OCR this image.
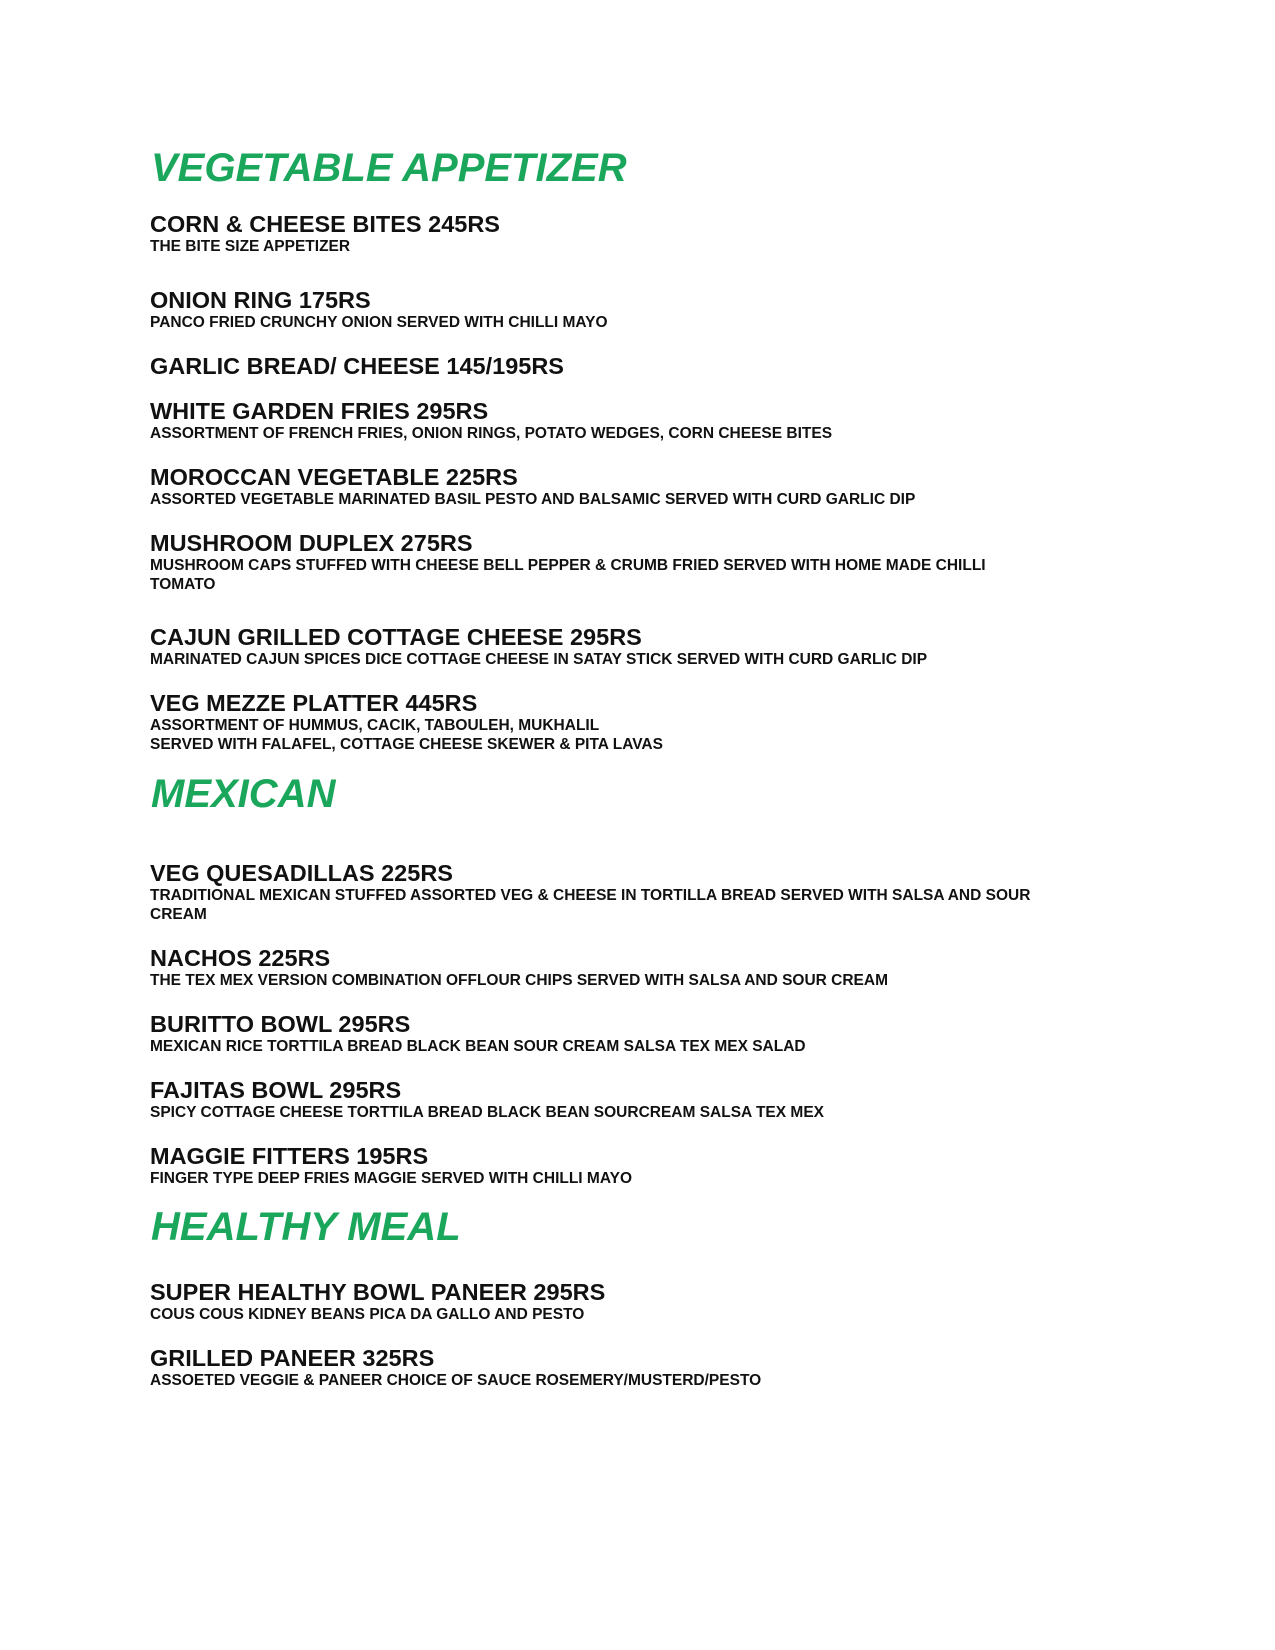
VEGETABLE APPETIZER
CORN & CHEESE BITES 245RS
THE BITE SIZE APPETIZER
ONION RING 175RS
PANCO FRIED CRUNCHY ONION SERVED WITH CHILLI MAYO
GARLIC BREAD/ CHEESE 145/195RS
WHITE GARDEN FRIES 295RS
ASSORTMENT OF FRENCH FRIES, ONION RINGS, POTATO WEDGES, CORN CHEESE BITES
MOROCCAN VEGETABLE 225RS
ASSORTED VEGETABLE MARINATED BASIL PESTO AND BALSAMIC SERVED WITH CURD GARLIC DIP
MUSHROOM DUPLEX 275RS
MUSHROOM CAPS STUFFED WITH CHEESE BELL PEPPER & CRUMB FRIED SERVED WITH HOME MADE CHILLI
TOMATO
CAJUN GRILLED COTTAGE CHEESE 295RS
MARINATED CAJUN SPICES DICE COTTAGE CHEESE IN SATAY STICK SERVED WITH CURD GARLIC DIP
VEG MEZZE PLATTER 445RS
ASSORTMENT OF HUMMUS, CACIK, TABOULEH, MUKHALIL
SERVED WITH FALAFEL, COTTAGE CHEESE SKEWER & PITA LAVAS
MEXICAN
VEG QUESADILLAS 225RS
TRADITIONAL MEXICAN STUFFED ASSORTED VEG & CHEESE IN TORTILLA BREAD SERVED WITH SALSA AND SOUR
CREAM
NACHOS 225RS
THE TEX MEX VERSION COMBINATION OFFLOUR CHIPS SERVED WITH SALSA AND SOUR CREAM
BURITTO BOWL 295RS
MEXICAN RICE TORTTILA BREAD BLACK BEAN SOUR CREAM SALSA TEX MEX SALAD
FAJITAS BOWL 295RS
SPICY COTTAGE CHEESE TORTTILA BREAD BLACK BEAN SOURCREAM SALSA TEX MEX
MAGGIE FITTERS 195RS
FINGER TYPE DEEP FRIES MAGGIE SERVED WITH CHILLI MAYO
HEALTHY MEAL
SUPER HEALTHY BOWL PANEER 295RS
COUS COUS KIDNEY BEANS PICA DA GALLO AND PESTO
GRILLED PANEER 325RS
ASSOETED VEGGIE & PANEER CHOICE OF SAUCE ROSEMERY/MUSTERD/PESTO
